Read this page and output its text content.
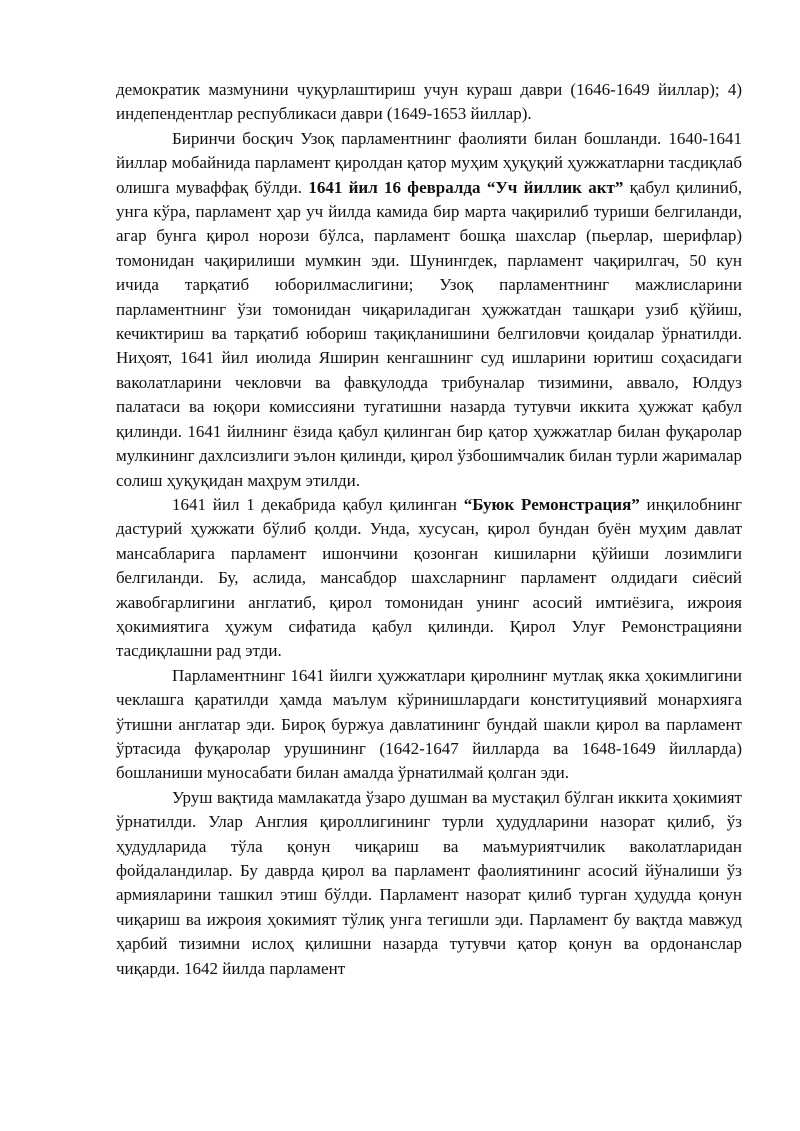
демократик мазмунини чуқурлаштириш учун кураш даври (1646-1649 йиллар); 4) индепендентлар республикаси даври (1649-1653 йиллар).

Биринчи босқич Узоқ парламентнинг фаолияти билан бошланди. 1640-1641 йиллар мобайнида парламент қиролдан қатор муҳим ҳуқуқий ҳужжатларни тасдиқлаб олишга муваффақ бўлди. 1641 йил 16 февралда “Уч йиллик акт” қабул қилиниб, унга кўра, парламент ҳар уч йилда камида бир марта чақирилиб туриши белгиланди, агар бунга қирол норози бўлса, парламент бошқа шахслар (пьерлар, шерифлар) томонидан чақирилиши мумкин эди. Шунингдек, парламент чақирилгач, 50 кун ичида тарқатиб юборилмаслигини; Узоқ парламентнинг мажлисларини парламентнинг ўзи томонидан чиқариладиган ҳужжатдан ташқари узиб қўйиш, кечиктириш ва тарқатиб юбориш тақиқланишини белгиловчи қоидалар ўрнатилди. Ниҳоят, 1641 йил июлида Яширин кенгашнинг суд ишларини юритиш соҳасидаги ваколатларини чекловчи ва фавқулодда трибуналар тизимини, аввало, Юлдуз палатаси ва юқори комиссияни тугатишни назарда тутувчи иккита ҳужжат қабул қилинди. 1641 йилнинг ёзида қабул қилинган бир қатор ҳужжатлар билан фуқаролар мулкининг дахлсизлиги эълон қилинди, қирол ўзбошимчалик билан турли жарималар солиш ҳуқуқидан маҳрум этилди.

1641 йил 1 декабрида қабул қилинган “Буюк Ремонстрация” инқилобнинг дастурий ҳужжати бўлиб қолди. Унда, хусусан, қирол бундан буён муҳим давлат мансабларига парламент ишончини қозонган кишиларни қўйиши лозимлиги белгиланди. Бу, аслида, мансабдор шахсларнинг парламент олдидаги сиёсий жавобгарлигини англатиб, қирол томонидан унинг асосий имтиёзига, ижроия ҳокимиятига ҳужум сифатида қабул қилинди. Қирол Улуғ Ремонстрацияни тасдиқлашни рад этди.

Парламентнинг 1641 йилги ҳужжатлари қиролнинг мутлақ якка ҳокимлигини чеклашга қаратилди ҳамда маълум кўринишлардаги конституциявий монархияга ўтишни англатар эди. Бироқ буржуа давлатининг бундай шакли қирол ва парламент ўртасида фуқаролар урушининг (1642-1647 йилларда ва 1648-1649 йилларда) бошланиши муносабати билан амалда ўрнатилмай қолган эди.

Уруш вақтида мамлакатда ўзаро душман ва мустақил бўлган иккита ҳокимият ўрнатилди. Улар Англия қироллигининг турли ҳудудларини назорат қилиб, ўз ҳудудларида тўла қонун чиқариш ва маъмуриятчилик ваколатларидан фойдаландилар. Бу даврда қирол ва парламент фаолиятининг асосий йўналиши ўз армияларини ташкил этиш бўлди. Парламент назорат қилиб турган ҳудудда қонун чиқариш ва ижроия ҳокимият тўлиқ унга тегишли эди. Парламент бу вақтда мавжуд ҳарбий тизимни ислоҳ қилишни назарда тутувчи қатор қонун ва ордонанслар чиқарди. 1642 йилда парламент
